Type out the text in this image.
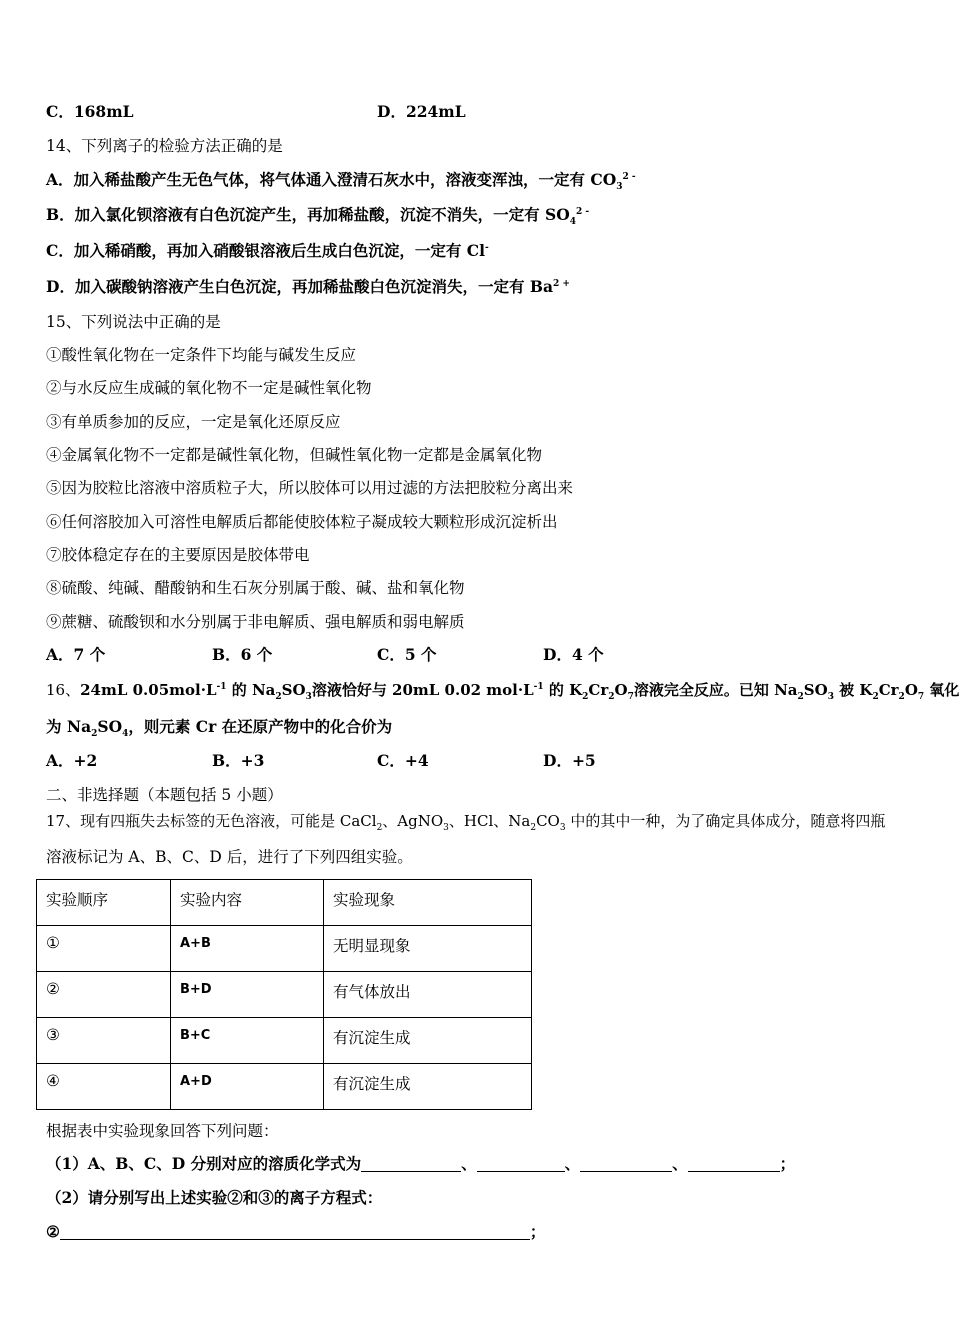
C．168mL	D．224mL
14、下列离子的检验方法正确的是
A．加入稀盐酸产生无色气体，将气体通入澄清石灰水中，溶液变浑浊，一定有 $CO_3^{2 -}$
B．加入氯化钡溶液有白色沉淀产生，再加稀盐酸，沉淀不消失，一定有 $SO_4^{2 -}$
C．加入稀硝酸，再加入硝酸银溶液后生成白色沉淀，一定有 Cl-
D．加入碳酸钠溶液产生白色沉淀，再加稀盐酸白色沉淀消失，一定有 $Ba^{2 +}$
15、下列说法中正确的是
①酸性氧化物在一定条件下均能与碱发生反应
②与水反应生成碱的氧化物不一定是碱性氧化物
③有单质参加的反应，一定是氧化还原反应
④金属氧化物不一定都是碱性氧化物，但碱性氧化物一定都是金属氧化物
⑤因为胶粒比溶液中溶质粒子大，所以胶体可以用过滤的方法把胶粒分离出来
⑥任何溶胶加入可溶性电解质后都能使胶体粒子凝成较大颗粒形成沉淀析出
⑦胶体稳定存在的主要原因是胶体带电
⑧硫酸、纯碱、醋酸钠和生石灰分别属于酸、碱、盐和氧化物
⑨蔗糖、硫酸钡和水分别属于非电解质、强电解质和弱电解质
A．7 个	B．6 个	C．5 个	D．4 个
16、24mL $0.05mol\cdot L^{-1}$ 的 $Na_2SO_3$溶液恰好与 20mL 0.02 $mol\cdot L^{-1}$ 的 $K_2Cr_2O_7$溶液完全反应。已知 $Na_2SO_3$ 被 $K_2Cr_2O_7$ 氧化
为 $Na_2SO_4$，则元素 Cr 在还原产物中的化合价为
A．+2	B．+3	C．+4	D．+5
二、非选择题（本题包括 5 小题）
17、现有四瓶失去标签的无色溶液，可能是 CaCl$_2$、AgNO$_3$、HCl、$Na_2CO_3$ 中的其中一种，为了确定具体成分，随意将四瓶
溶液标记为 A、B、C、D 后，进行了下列四组实验。
实验顺序	实验内容	实验现象
①	A+B	无明显现象
②	B+D	有气体放出
③	B+C	有沉淀生成
④	A+D	有沉淀生成
根据表中实验现象回答下列问题：
（1）A、B、C、D 分别对应的溶质化学式为	、	、	、	；
（2）请分别写出上述实验②和③的离子方程式：
②	；
